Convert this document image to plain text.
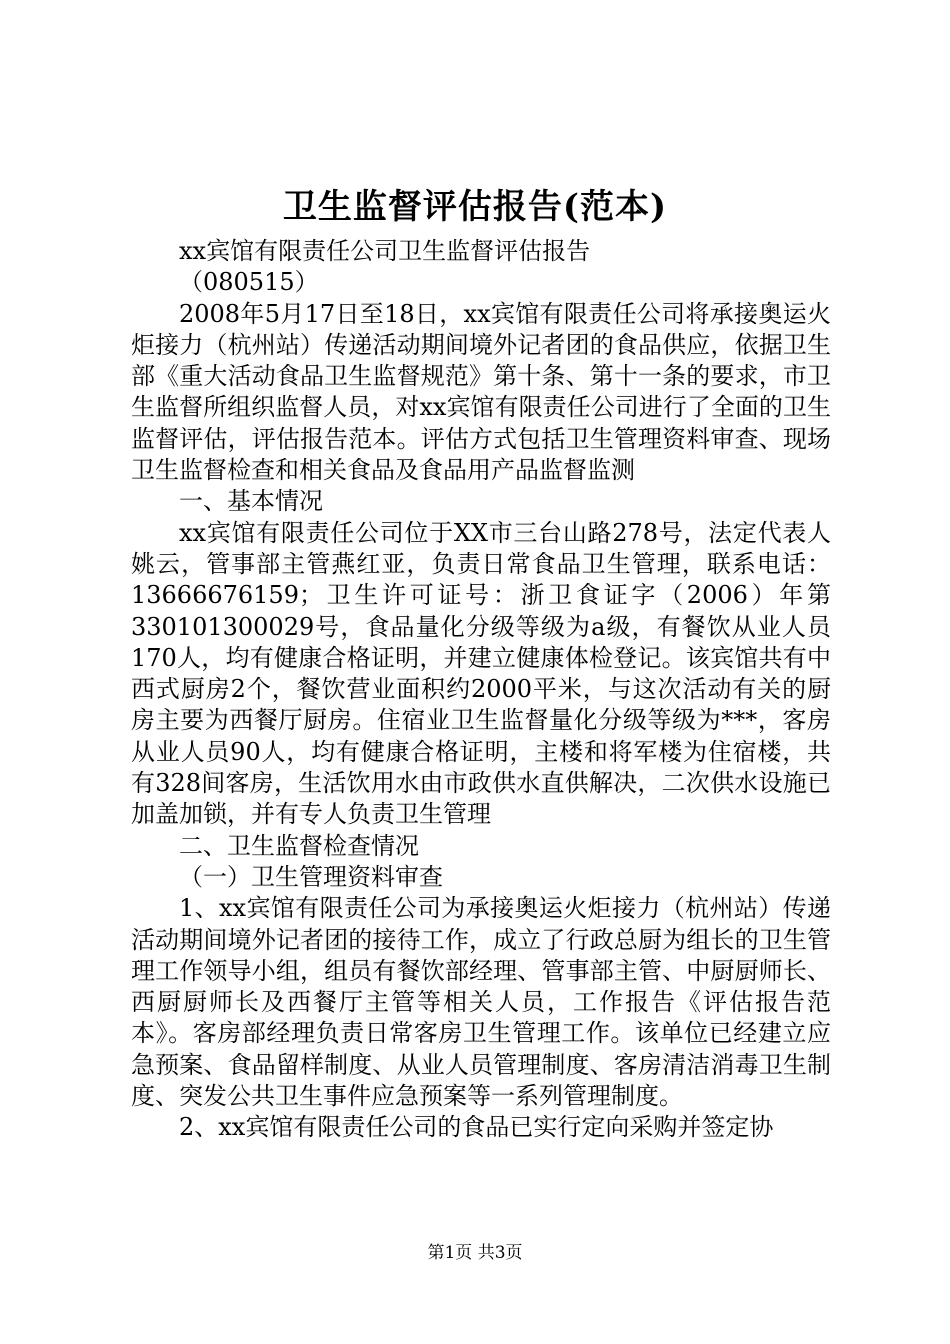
卫生监督评估报告(范本)

xx宾馆有限责任公司卫生监督评估报告

（080515）

2008年5月17日至18日，xx宾馆有限责任公司将承接奥运火炬接力（杭州站）传递活动期间境外记者团的食品供应，依据卫生部《重大活动食品卫生监督规范》第十条、第十一条的要求，市卫生监督所组织监督人员，对xx宾馆有限责任公司进行了全面的卫生监督评估，评估报告范本。评估方式包括卫生管理资料审查、现场卫生监督检查和相关食品及食品用产品监督监测

一、基本情况

xx宾馆有限责任公司位于XX市三台山路278号，法定代表人姚云，管事部主管燕红亚，负责日常食品卫生管理，联系电话：13666676159；卫生许可证号：浙卫食证字（2006）年第330101300029号，食品量化分级等级为a级，有餐饮从业人员170人，均有健康合格证明，并建立健康体检登记。该宾馆共有中西式厨房2个，餐饮营业面积约2000平米，与这次活动有关的厨房主要为西餐厅厨房。住宿业卫生监督量化分级等级为***，客房从业人员90人，均有健康合格证明，主楼和将军楼为住宿楼，共有328间客房，生活饮用水由市政供水直供解决，二次供水设施已加盖加锁，并有专人负责卫生管理

二、卫生监督检查情况

（一）卫生管理资料审查

1、xx宾馆有限责任公司为承接奥运火炬接力（杭州站）传递活动期间境外记者团的接待工作，成立了行政总厨为组长的卫生管理工作领导小组，组员有餐饮部经理、管事部主管、中厨厨师长、西厨厨师长及西餐厅主管等相关人员，工作报告《评估报告范本》。客房部经理负责日常客房卫生管理工作。该单位已经建立应急预案、食品留样制度、从业人员管理制度、客房清洁消毒卫生制度、突发公共卫生事件应急预案等一系列管理制度。

2、xx宾馆有限责任公司的食品已实行定向采购并签定协

第1页 共3页
